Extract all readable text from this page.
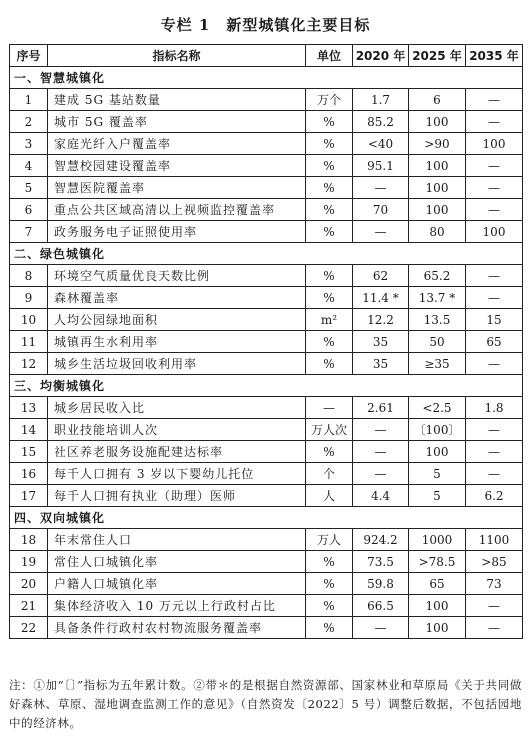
专栏 1　新型城镇化主要目标
序号	指标名称	单位	2020 年	2025 年	2035 年
一、智慧城镇化					
1	建成 5G 基站数量	万个	1.7	6	—
2	城市 5G 覆盖率	%	85.2	100	—
3	家庭光纤入户覆盖率	%	<40	>90	100
4	智慧校园建设覆盖率	%	95.1	100	—
5	智慧医院覆盖率	%	—	100	—
6	重点公共区域高清以上视频监控覆盖率	%	70	100	—
7	政务服务电子证照使用率	%	—	80	100
二、绿色城镇化					
8	环境空气质量优良天数比例	%	62	65.2	—
9	森林覆盖率	%	11.4 *	13.7 *	—
10	人均公园绿地面积	m²	12.2	13.5	15
11	城镇再生水利用率	%	35	50	65
12	城乡生活垃圾回收利用率	%	35	≥35	—
三、均衡城镇化					
13	城乡居民收入比	—	2.61	<2.5	1.8
14	职业技能培训人次	万人次	—	〔100〕	—
15	社区养老服务设施配建达标率	%	—	100	—
16	每千人口拥有 3 岁以下婴幼儿托位	个	—	5	—
17	每千人口拥有执业（助理）医师	人	4.4	5	6.2
四、双向城镇化					
18	年末常住人口	万人	924.2	1000	1100
19	常住人口城镇化率	%	73.5	>78.5	>85
20	户籍人口城镇化率	%	59.8	65	73
21	集体经济收入 10 万元以上行政村占比	%	66.5	100	—
22	具备条件行政村农村物流服务覆盖率	%	—	100	—
注：①加“〔〕”指标为五年累计数。②带＊的是根据自然资源部、国家林业和草原局《关于共同做好森林、草原、湿地调查监测工作的意见》（自然资发〔2022〕5 号）调整后数据，不包括园地中的经济林。
